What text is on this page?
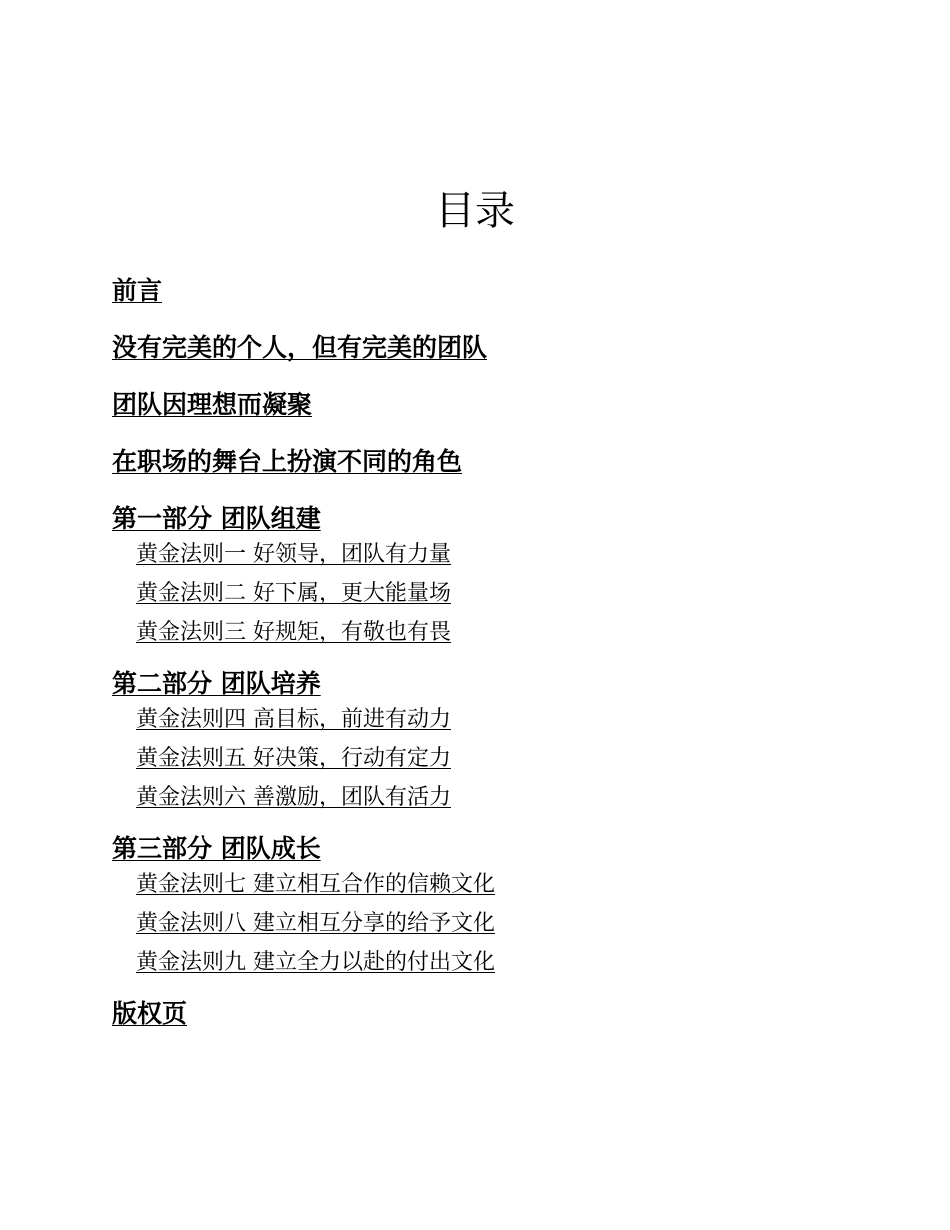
目录
前言
没有完美的个人，但有完美的团队
团队因理想而凝聚
在职场的舞台上扮演不同的角色
第一部分 团队组建
黄金法则一 好领导，团队有力量
黄金法则二 好下属，更大能量场
黄金法则三 好规矩，有敬也有畏
第二部分 团队培养
黄金法则四 高目标，前进有动力
黄金法则五 好决策，行动有定力
黄金法则六 善激励，团队有活力
第三部分 团队成长
黄金法则七 建立相互合作的信赖文化
黄金法则八 建立相互分享的给予文化
黄金法则九 建立全力以赴的付出文化
版权页
